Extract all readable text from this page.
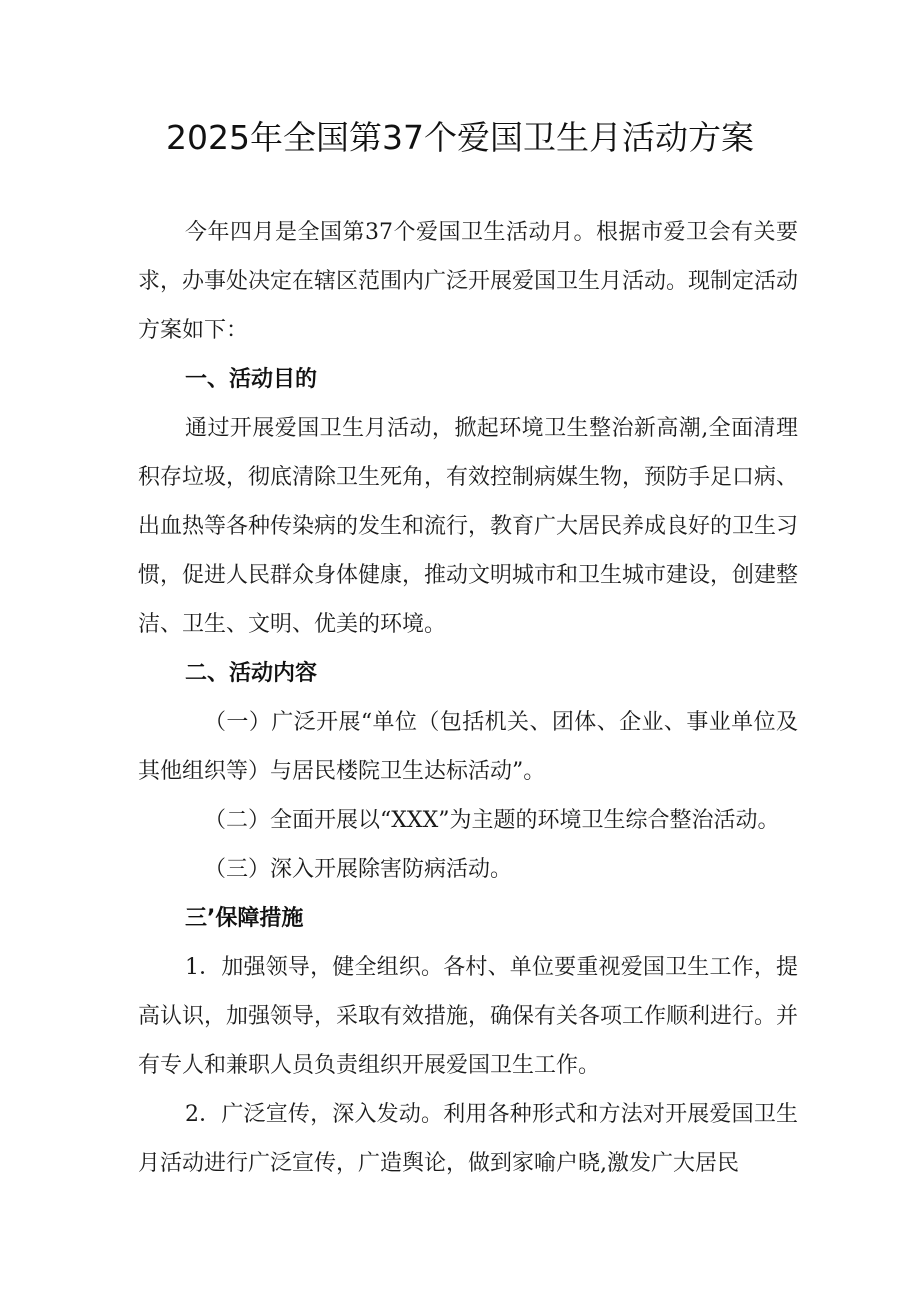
2025年全国第37个爱国卫生月活动方案

今年四月是全国第37个爱国卫生活动月。根据市爱卫会有关要求，办事处决定在辖区范围内广泛开展爱国卫生月活动。现制定活动方案如下：

一、活动目的

通过开展爱国卫生月活动，掀起环境卫生整治新高潮,全面清理积存垃圾，彻底清除卫生死角，有效控制病媒生物，预防手足口病、出血热等各种传染病的发生和流行，教育广大居民养成良好的卫生习惯，促进人民群众身体健康，推动文明城市和卫生城市建设，创建整洁、卫生、文明、优美的环境。

二、活动内容

（一）广泛开展“单位（包括机关、团体、企业、事业单位及其他组织等）与居民楼院卫生达标活动”。

（二）全面开展以“XXX”为主题的环境卫生综合整治活动。

（三）深入开展除害防病活动。

三’保障措施

1．加强领导，健全组织。各村、单位要重视爱国卫生工作，提高认识，加强领导，采取有效措施，确保有关各项工作顺利进行。并有专人和兼职人员负责组织开展爱国卫生工作。

2．广泛宣传，深入发动。利用各种形式和方法对开展爱国卫生月活动进行广泛宣传，广造舆论，做到家喻户晓,激发广大居民
